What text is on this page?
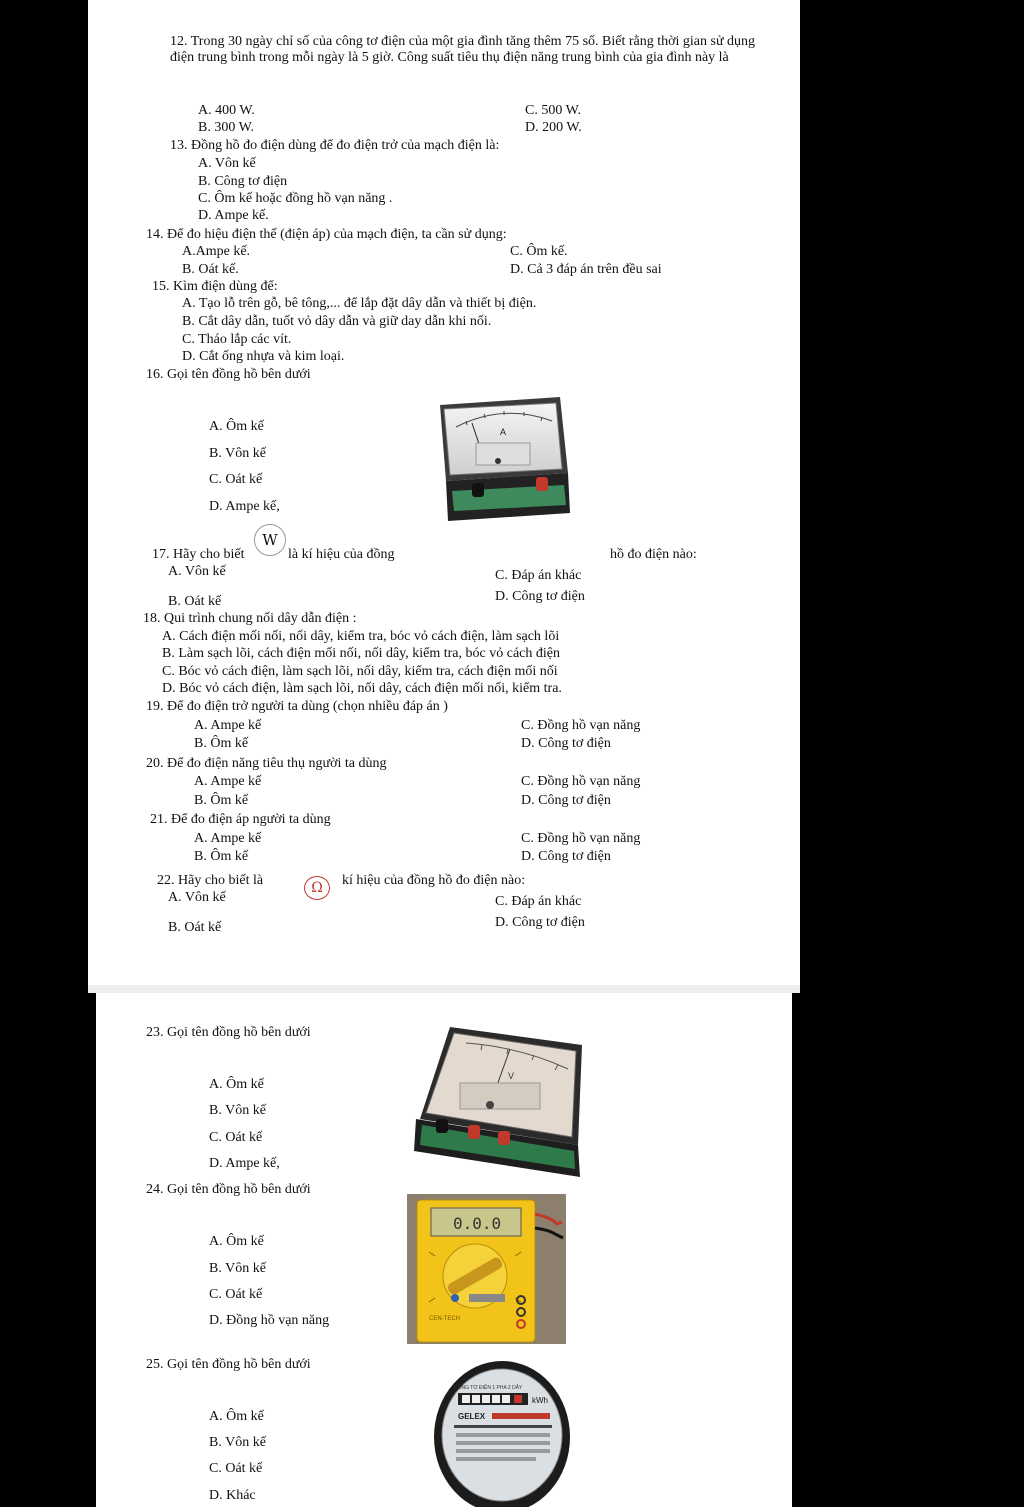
12. Trong 30 ngày chỉ số của công tơ điện của một gia đình tăng thêm 75 số. Biết rằng thời gian sử dụng điện trung bình trong mỗi ngày là 5 giờ. Công suất tiêu thụ điện năng trung bình của gia đình này là
A. 400 W.
B. 300 W.
C. 500 W.
D. 200 W.
13. Đồng hồ đo điện dùng để đo điện trở của mạch điện là:
A. Vôn kế
B. Công tơ điện
C. Ôm kế hoặc đồng hồ vạn năng .
D. Ampe kế.
14. Để đo hiệu điện thế (điện áp) của mạch điện, ta cần sử dụng:
A.Ampe kế.
B. Oát kế.
C. Ôm kế.
D. Cả 3 đáp án trên đều sai
15. Kìm điện dùng để:
A. Tạo lỗ trên gỗ, bê tông,... để lắp đặt dây dẫn và thiết bị điện.
B. Cắt dây dẫn, tuốt vỏ dây dẫn và giữ day dẫn khi nối.
C. Tháo lắp các vít.
D. Cắt ống nhựa và kim loại.
16. Gọi tên đồng hồ bên dưới
A. Ôm kế
B. Vôn kế
C. Oát kế
D. Ampe kế,
A
17. Hãy cho biết
W
là kí hiệu của đồng	hồ đo điện nào:
A. Vôn kế
B. Oát kế
C. Đáp án khác
D. Công tơ điện
18. Qui trình chung nối dây dẫn điện :
A. Cách điện mối nối, nối dây, kiểm tra, bóc vỏ cách điện, làm sạch lõi
B. Làm sạch lõi, cách điện mối nối, nối dây, kiểm tra, bóc vỏ cách điện
C. Bóc vỏ cách điện, làm sạch lõi, nối dây, kiểm tra, cách điện mối nối
D. Bóc vỏ cách điện, làm sạch lõi, nối dây, cách điện mối nối, kiểm tra.
19. Để đo điện trở người ta dùng (chọn nhiều đáp án )
A. Ampe kế
B. Ôm kế
C. Đồng hồ vạn năng
D. Công tơ điện
20. Để đo điện năng tiêu thụ người ta dùng
A. Ampe kế
B. Ôm kế
C. Đồng hồ vạn năng
D. Công tơ điện
21. Để đo điện áp người ta dùng
A. Ampe kế
B. Ôm kế
C. Đồng hồ vạn năng
D. Công tơ điện
22. Hãy cho biết là	Ω	kí hiệu của đồng hồ đo điện nào:
A. Vôn kế
B. Oát kế
C. Đáp án khác
D. Công tơ điện
23. Gọi tên đồng hồ bên dưới
A. Ôm kế
B. Vôn kế
C. Oát kế
D. Ampe kế,
V
24. Gọi tên đồng hồ bên dưới
A. Ôm kế
B. Vôn kế
C. Oát kế
D. Đồng hồ vạn năng
0.0.0
CEN-TECH
25. Gọi tên đồng hồ bên dưới
A. Ôm kế
B. Vôn kế
C. Oát kế
D. Khác
CÔNG TƠ ĐIỆN 1 PHA 2 DÂY
kWh
GELEX
